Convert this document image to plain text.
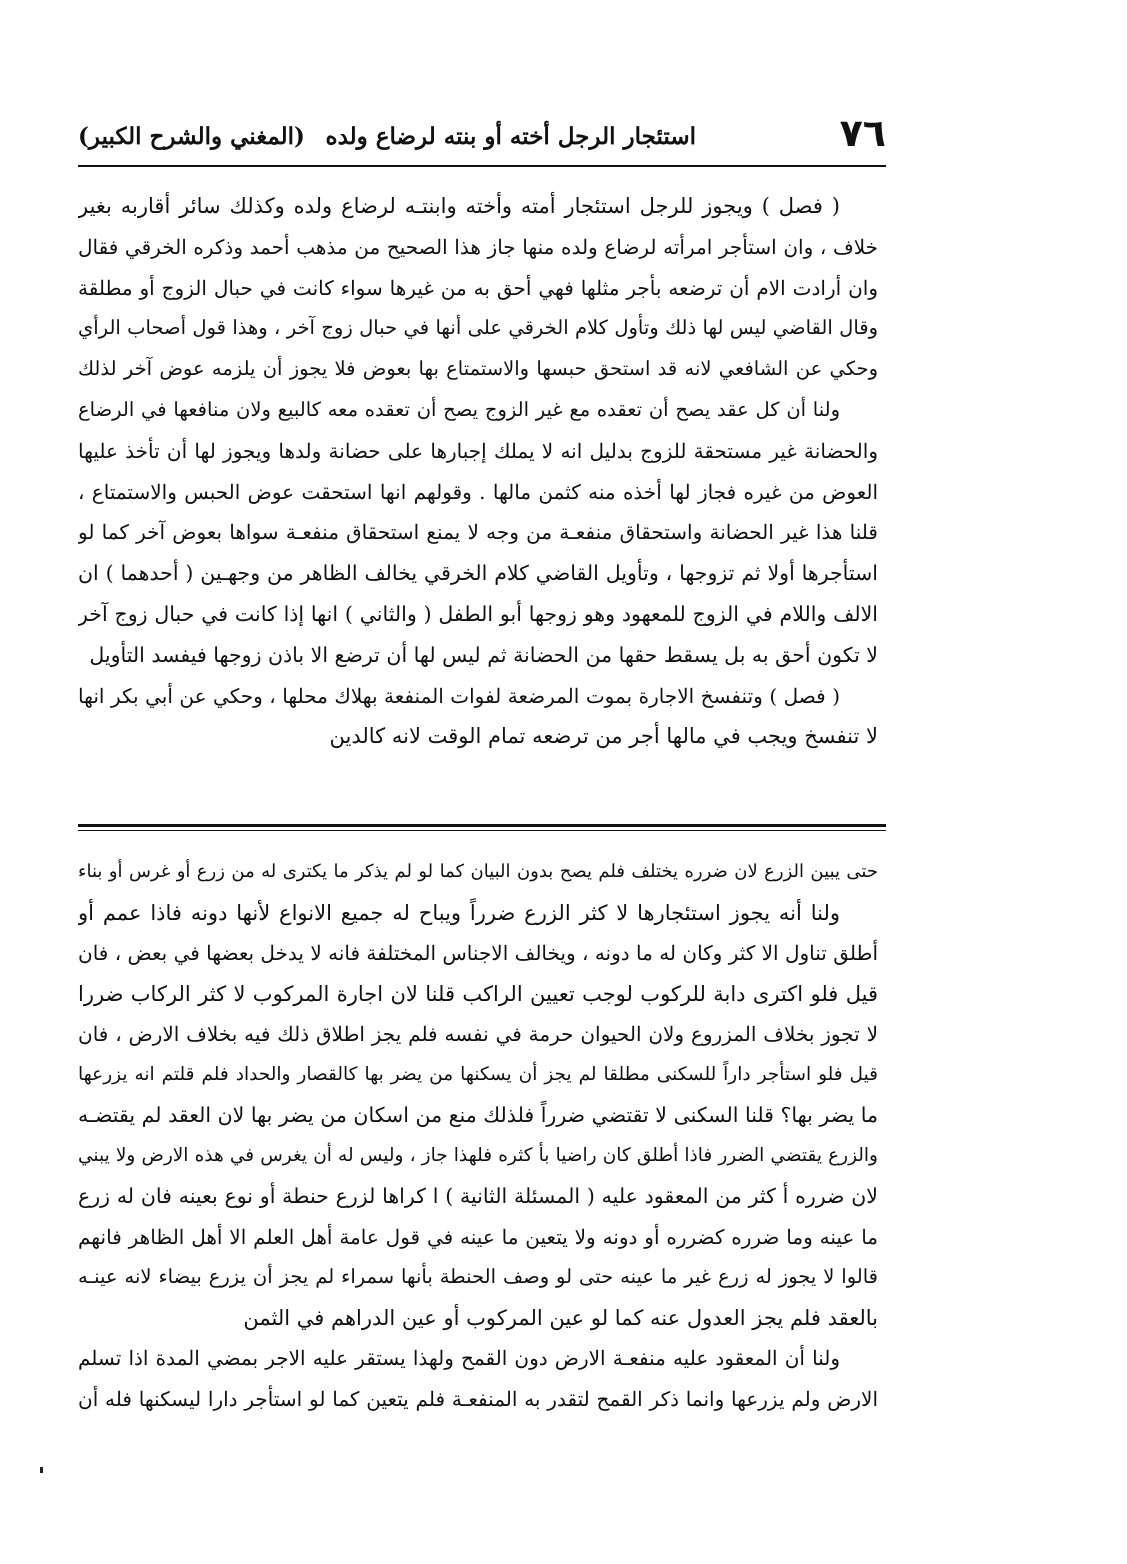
٧٦
استئجار الرجل أخته أو بنته لرضاع ولده
(المغني والشرح الكبير)
( فصل ) ويجوز للرجل استئجار أمته وأخته وابنتـه لرضاع ولده وكذلك سائر أقاربه بغير
خلاف ، وان استأجر امرأته لرضاع ولده منها جاز هذا الصحيح من مذهب أحمد وذكره الخرقي فقال
وان أرادت الام أن ترضعه بأجر مثلها فهي أحق به من غيرها سواء كانت في حبال الزوج أو مطلقة
وقال القاضي ليس لها ذلك وتأول كلام الخرقي على أنها في حبال زوج آخر ، وهذا قول أصحاب الرأي
وحكي عن الشافعي لانه قد استحق حبسها والاستمتاع بها بعوض فلا يجوز أن يلزمه عوض آخر لذلك
ولنا أن كل عقد يصح أن تعقده مع غير الزوج يصح أن تعقده معه كالبيع ولان منافعها في الرضاع
والحضانة غير مستحقة للزوج بدليل انه لا يملك إجبارها على حضانة ولدها ويجوز لها أن تأخذ عليها
العوض من غيره فجاز لها أخذه منه كثمن مالها . وقولهم انها استحقت عوض الحبس والاستمتاع ،
قلنا هذا غير الحضانة واستحقاق منفعـة من وجه لا يمنع استحقاق منفعـة سواها بعوض آخر كما لو
استأجرها أولا ثم تزوجها ، وتأويل القاضي كلام الخرقي يخالف الظاهر من وجهـين ( أحدهما ) ان
الالف واللام في الزوج للمعهود وهو زوجها أبو الطفل ( والثاني ) انها إذا كانت في حبال زوج آخر
لا تكون أحق به بل يسقط حقها من الحضانة ثم ليس لها أن ترضع الا باذن زوجها فيفسد التأويل
( فصل ) وتنفسخ الاجارة بموت المرضعة لفوات المنفعة بهلاك محلها ، وحكي عن أبي بكر انها
لا تنفسخ ويجب في مالها أجر من ترضعه تمام الوقت لانه كالدين
حتى يبين الزرع لان ضرره يختلف فلم يصح بدون البيان كما لو لم يذكر ما يكترى له من زرع أو غرس أو بناء
ولنا أنه يجوز استئجارها لا كثر الزرع ضرراً ويباح له جميع الانواع لأنها دونه فاذا عمم أو
أطلق تناول الا كثر وكان له ما دونه ، ويخالف الاجناس المختلفة فانه لا يدخل بعضها في بعض ، فان
قيل فلو اكترى دابة للركوب لوجب تعيين الراكب قلنا لان اجارة المركوب لا كثر الركاب ضررا
لا تجوز بخلاف المزروع ولان الحيوان حرمة في نفسه فلم يجز اطلاق ذلك فيه بخلاف الارض ، فان
قيل فلو استأجر داراً للسكنى مطلقا لم يجز أن يسكنها من يضر بها كالقصار والحداد فلم قلتم انه يزرعها
ما يضر بها؟ قلنا السكنى لا تقتضي ضرراً فلذلك منع من اسكان من يضر بها لان العقد لم يقتضـه
والزرع يقتضي الضرر فاذا أطلق كان راضيا بأ كثره فلهذا جاز ، وليس له أن يغرس في هذه الارض ولا يبني
لان ضرره أ كثر من المعقود عليه ( المسئلة الثانية ) ا كراها لزرع حنطة أو نوع بعينه فان له زرع
ما عينه وما ضرره كضرره أو دونه ولا يتعين ما عينه في قول عامة أهل العلم الا أهل الظاهر فانهم
قالوا لا يجوز له زرع غير ما عينه حتى لو وصف الحنطة بأنها سمراء لم يجز أن يزرع بيضاء لانه عينـه
بالعقد فلم يجز العدول عنه كما لو عين المركوب أو عين الدراهم في الثمن
ولنا أن المعقود عليه منفعـة الارض دون القمح ولهذا يستقر عليه الاجر بمضي المدة اذا تسلم
الارض ولم يزرعها وانما ذكر القمح لتقدر به المنفعـة فلم يتعين كما لو استأجر دارا ليسكنها فله أن
